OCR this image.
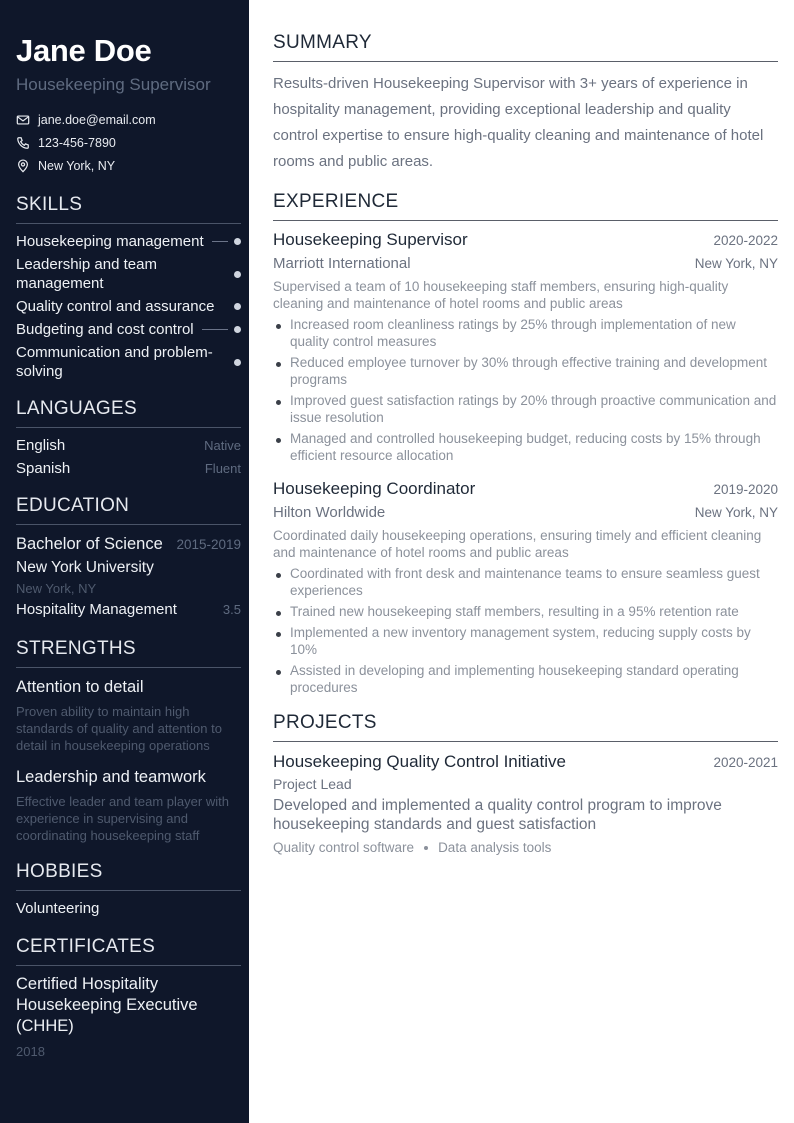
Jane Doe
Housekeeping Supervisor
jane.doe@email.com
123-456-7890
New York, NY
SKILLS
Housekeeping management
Leadership and team management
Quality control and assurance
Budgeting and cost control
Communication and problem-solving
LANGUAGES
English	Native
Spanish	Fluent
EDUCATION
Bachelor of Science 2015-2019
New York University
New York, NY
Hospitality Management	3.5
STRENGTHS
Attention to detail
Proven ability to maintain high standards of quality and attention to detail in housekeeping operations
Leadership and teamwork
Effective leader and team player with experience in supervising and coordinating housekeeping staff
HOBBIES
Volunteering
CERTIFICATES
Certified Hospitality Housekeeping Executive (CHHE)
2018
SUMMARY

Results-driven Housekeeping Supervisor with 3+ years of experience in hospitality management, providing exceptional leadership and quality control expertise to ensure high-quality cleaning and maintenance of hotel rooms and public areas.

EXPERIENCE
Housekeeping Supervisor	2020-2022
Marriott International	New York, NY
Supervised a team of 10 housekeeping staff members, ensuring high-quality cleaning and maintenance of hotel rooms and public areas
Increased room cleanliness ratings by 25% through implementation of new quality control measures
Reduced employee turnover by 30% through effective training and development programs
Improved guest satisfaction ratings by 20% through proactive communication and issue resolution
Managed and controlled housekeeping budget, reducing costs by 15% through efficient resource allocation
Housekeeping Coordinator	2019-2020
Hilton Worldwide	New York, NY
Coordinated daily housekeeping operations, ensuring timely and efficient cleaning and maintenance of hotel rooms and public areas
Coordinated with front desk and maintenance teams to ensure seamless guest experiences
Trained new housekeeping staff members, resulting in a 95% retention rate
Implemented a new inventory management system, reducing supply costs by 10%
Assisted in developing and implementing housekeeping standard operating procedures
PROJECTS
Housekeeping Quality Control Initiative	2020-2021
Project Lead
Developed and implemented a quality control program to improve housekeeping standards and guest satisfaction
Quality control software Data analysis tools
